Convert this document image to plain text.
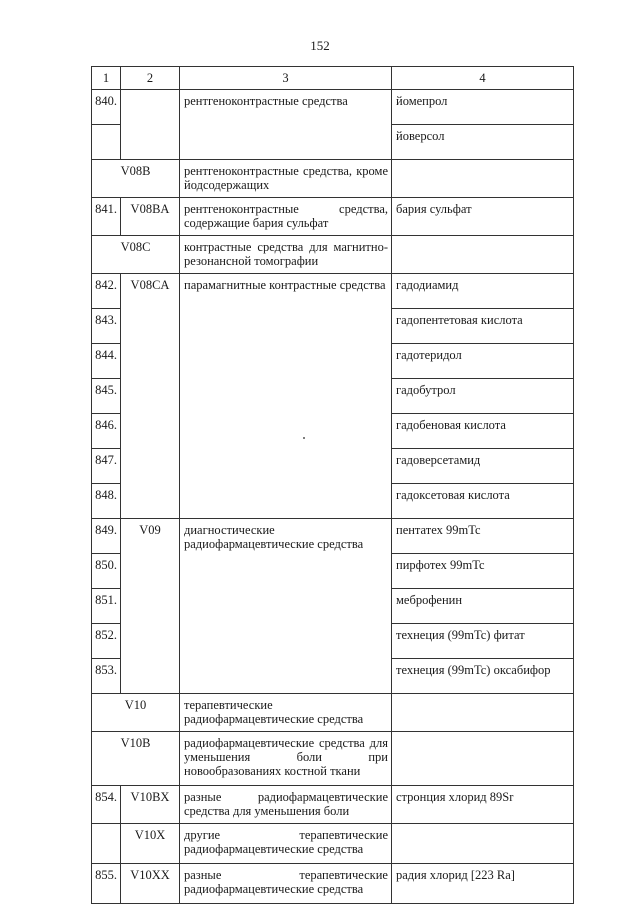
152
1	2	3	4
840.		рентгеноконтрастные средства	йомепрол
			йоверсол
V08B		рентгеноконтрастные средства, кроме йодсодержащих	
841.	V08BA	рентгеноконтрастные средства, содержащие бария сульфат	бария сульфат
V08C		контрастные средства для магнитно-резонансной томографии	
842.	V08CA	парамагнитные контрастные средства	гадодиамид
843.			гадопентетовая кислота
844.			гадотеридол
845.			гадобутрол
846.			гадобеновая кислота
847.			гадоверсетамид
848.			гадоксетовая кислота
849.	V09	диагностические радиофармацевтические средства	пентатех 99mTc
850.			пирфотех 99mTc
851.			меброфенин
852.			технеция (99mTc) фитат
853.			технеция (99mTc) оксабифор
V10		терапевтические радиофармацевтические средства	
V10B		радиофармацевтические средства для уменьшения боли при новообразованиях костной ткани	
854.	V10BX	разные радиофармацевтические средства для уменьшения боли	стронция хлорид 89Sr
	V10X	другие терапевтические радиофармацевтические средства	
855.	V10XX	разные терапевтические радиофармацевтические средства	радия хлорид [223 Ra]
